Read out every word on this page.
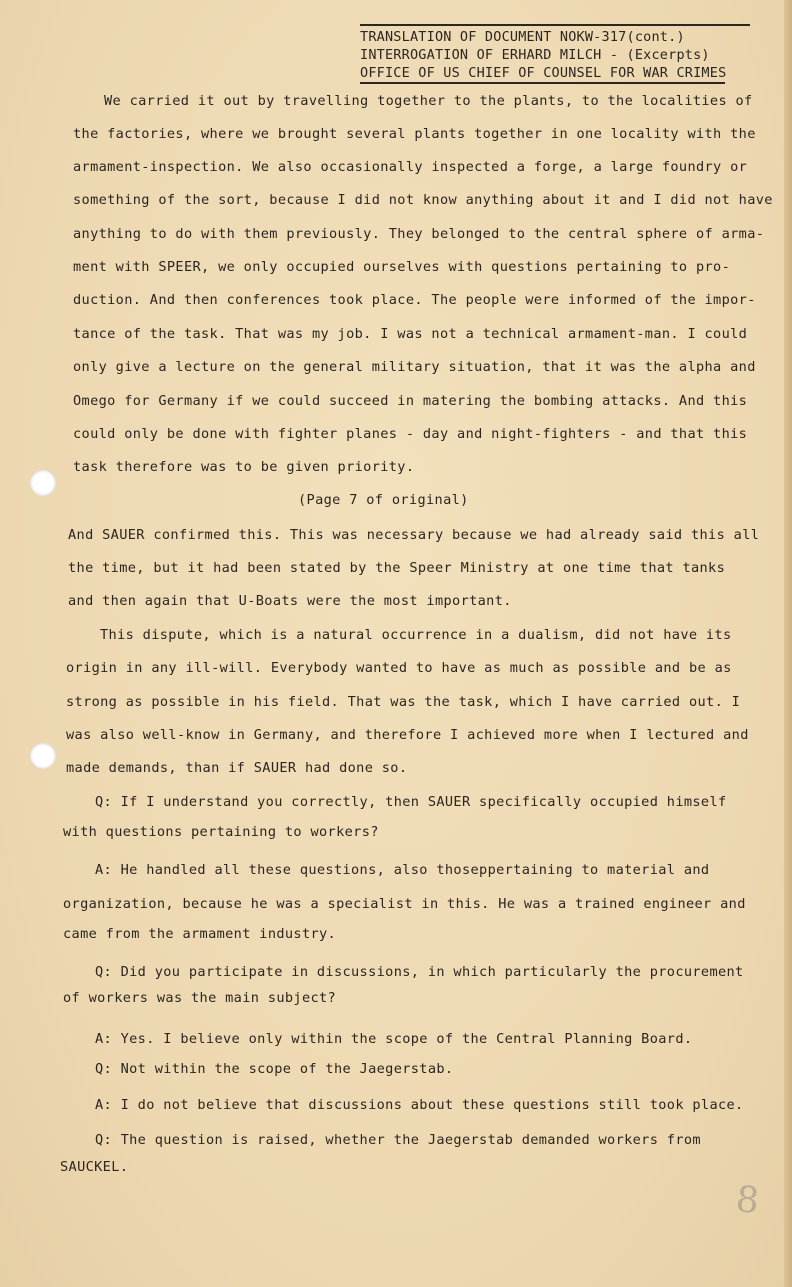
TRANSLATION OF DOCUMENT NOKW-317(cont.)
INTERROGATION OF ERHARD MILCH - (Excerpts)
OFFICE OF US CHIEF OF COUNSEL FOR WAR CRIMES
We carried it out by travelling together to the plants, to the localities of
the factories, where we brought several plants together in one locality with the
armament-inspection. We also occasionally inspected a forge, a large foundry or
something of the sort, because I did not know anything about it and I did not have
anything to do with them previously. They belonged to the central sphere of arma-
ment with SPEER, we only occupied ourselves with questions pertaining to pro-
duction. And then conferences took place. The people were informed of the impor-
tance of the task. That was my job. I was not a technical armament-man. I could
only give a lecture on the general military situation, that it was the alpha and
Omego for Germany if we could succeed in matering the bombing attacks. And this
could only be done with fighter planes - day and night-fighters - and that this
task therefore was to be given priority.
(Page 7 of original)
And SAUER confirmed this. This was necessary because we had already said this all
the time, but it had been stated by the Speer Ministry at one time that tanks
and then again that U-Boats were the most important.
This dispute, which is a natural occurrence in a dualism, did not have its
origin in any ill-will. Everybody wanted to have as much as possible and be as
strong as possible in his field. That was the task, which I have carried out. I
was also well-know in Germany, and therefore I achieved more when I lectured and
made demands, than if SAUER had done so.
Q: If I understand you correctly, then SAUER specifically occupied himself
with questions pertaining to workers?
A: He handled all these questions, also thoseppertaining to material and
organization, because he was a specialist in this. He was a trained engineer and
came from the armament industry.
Q: Did you participate in discussions, in which particularly the procurement
of workers was the main subject?
A: Yes. I believe only within the scope of the Central Planning Board.
Q: Not within the scope of the Jaegerstab.
A: I do not believe that discussions about these questions still took place.
Q: The question is raised, whether the Jaegerstab demanded workers from
SAUCKEL.
8
